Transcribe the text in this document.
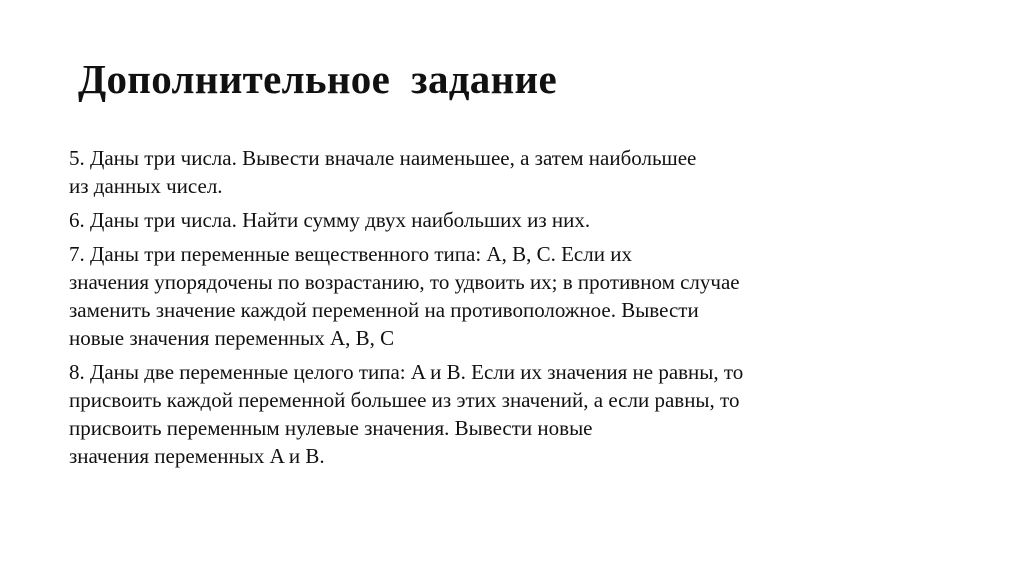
Дополнительное  задание
5. Даны три числа. Вывести вначале наименьшее, а затем наибольшее
из данных чисел.
6. Даны три числа. Найти сумму двух наибольших из них.
7. Даны три переменные вещественного типа: A, B, C. Если их
значения упорядочены по возрастанию, то удвоить их; в противном случае
заменить значение каждой переменной на противоположное. Вывести
новые значения переменных A, B, C
8. Даны две переменные целого типа: A и B. Если их значения не равны, то
присвоить каждой переменной большее из этих значений, а если равны, то
присвоить переменным нулевые значения. Вывести новые
значения переменных A и B.
